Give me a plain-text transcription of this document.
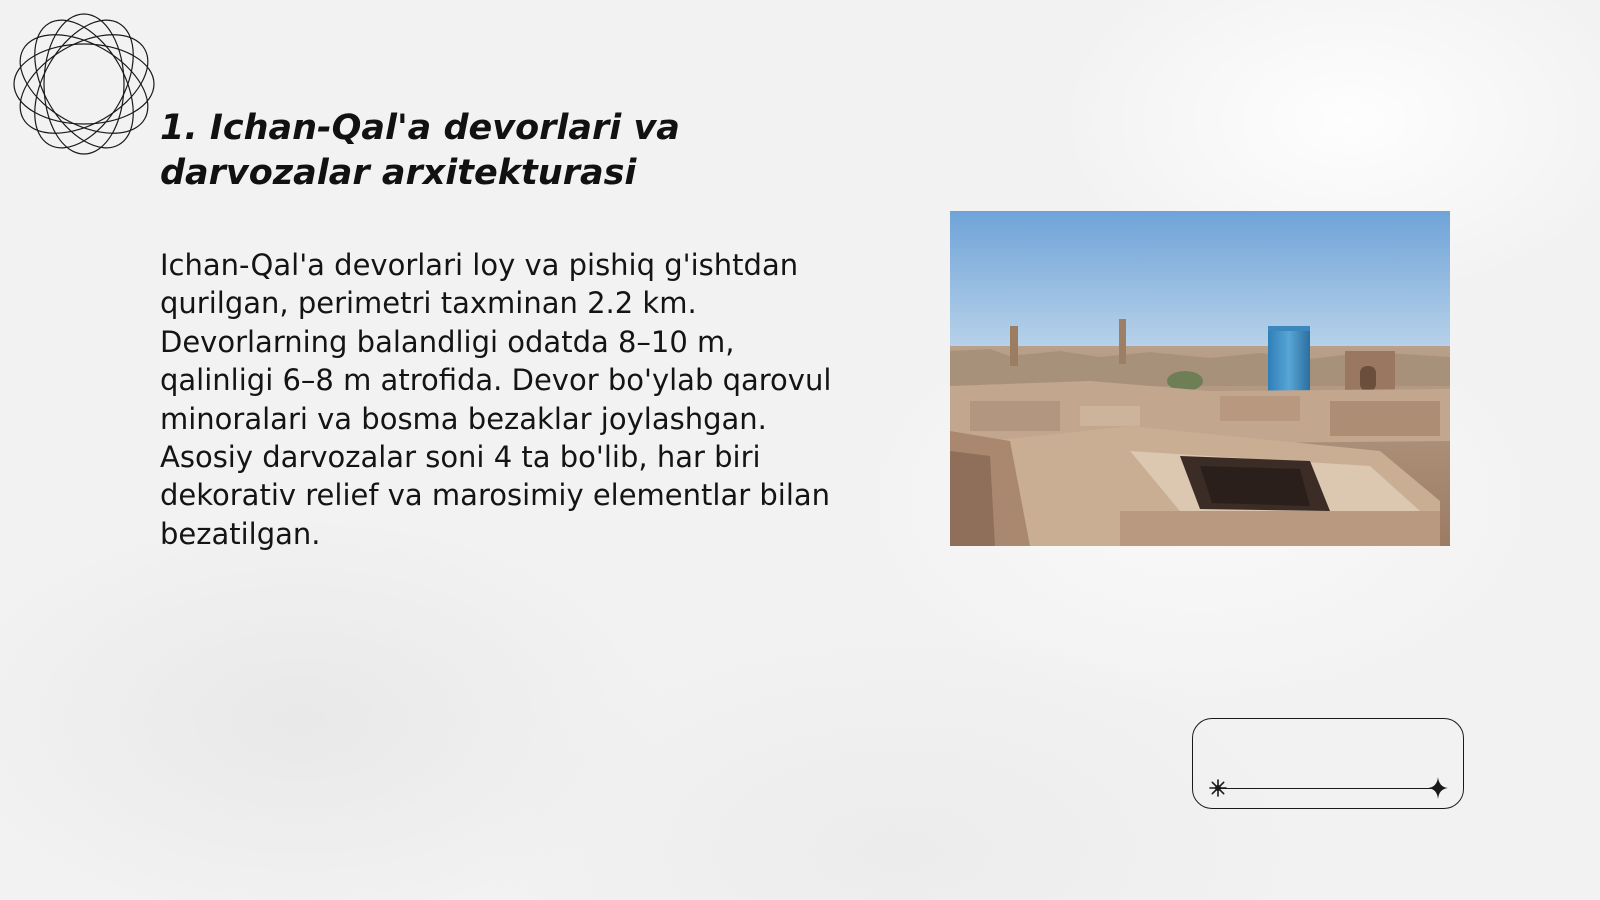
1. Ichan-Qal'a devorlari va darvozalar arxitekturasi

Ichan-Qal'a devorlari loy va pishiq g'ishtdan qurilgan, perimetri taxminan 2.2 km. Devorlarning balandligi odatda 8–10 m, qalinligi 6–8 m atrofida. Devor bo'ylab qarovul minoralari va bosma bezaklar joylashgan. Asosiy darvozalar soni 4 ta bo'lib, har biri dekorativ relief va marosimiy elementlar bilan bezatilgan.
